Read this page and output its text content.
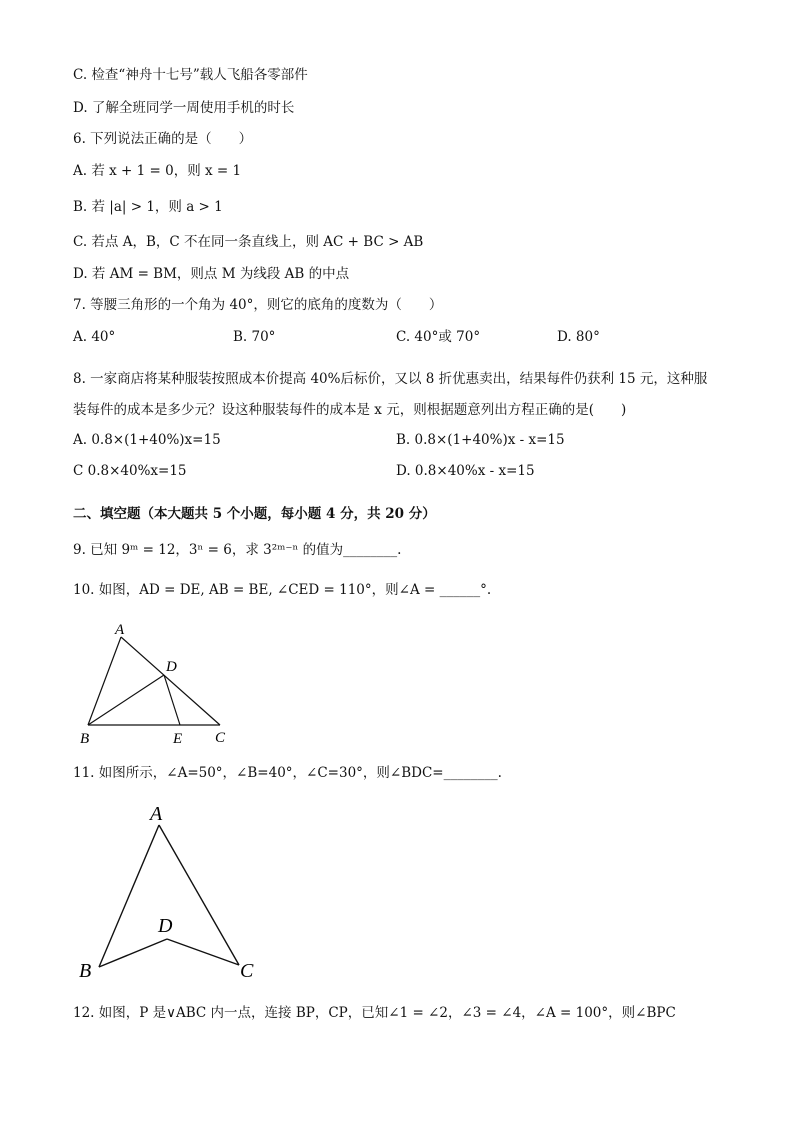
C. 检查“神舟十七号”载人飞船各零部件
D. 了解全班同学一周使用手机的时长
6. 下列说法正确的是（　　）
A. 若 x + 1 = 0，则 x = 1
B. 若 |a| > 1，则 a > 1
C. 若点 A，B，C 不在同一条直线上，则 AC + BC > AB
D. 若 AM = BM，则点 M 为线段 AB 的中点
7. 等腰三角形的一个角为 40°，则它的底角的度数为（　　）
A. 40°	B. 70°	C. 40°或 70°	D. 80°
8. 一家商店将某种服装按照成本价提高 40%后标价，又以 8 折优惠卖出，结果每件仍获利 15 元，这种服
装每件的成本是多少元？设这种服装每件的成本是 x 元，则根据题意列出方程正确的是(　　)
A. 0.8×(1+40%)x=15	B. 0.8×(1+40%)x - x=15
C 0.8×40%x=15	D. 0.8×40%x - x=15
二、填空题（本大题共 5 个小题，每小题 4 分，共 20 分）
9. 已知 9ᵐ = 12，3ⁿ = 6，求 3²ᵐ⁻ⁿ 的值为________.
10. 如图，AD = DE, AB = BE, ∠CED = 110°，则∠A = ______°.
A
D
B	E C
11. 如图所示，∠A=50°，∠B=40°，∠C=30°，则∠BDC=________.
A
D
B	C
12. 如图，P 是∨ABC 内一点，连接 BP，CP，已知∠1 = ∠2，∠3 = ∠4，∠A = 100°，则∠BPC
